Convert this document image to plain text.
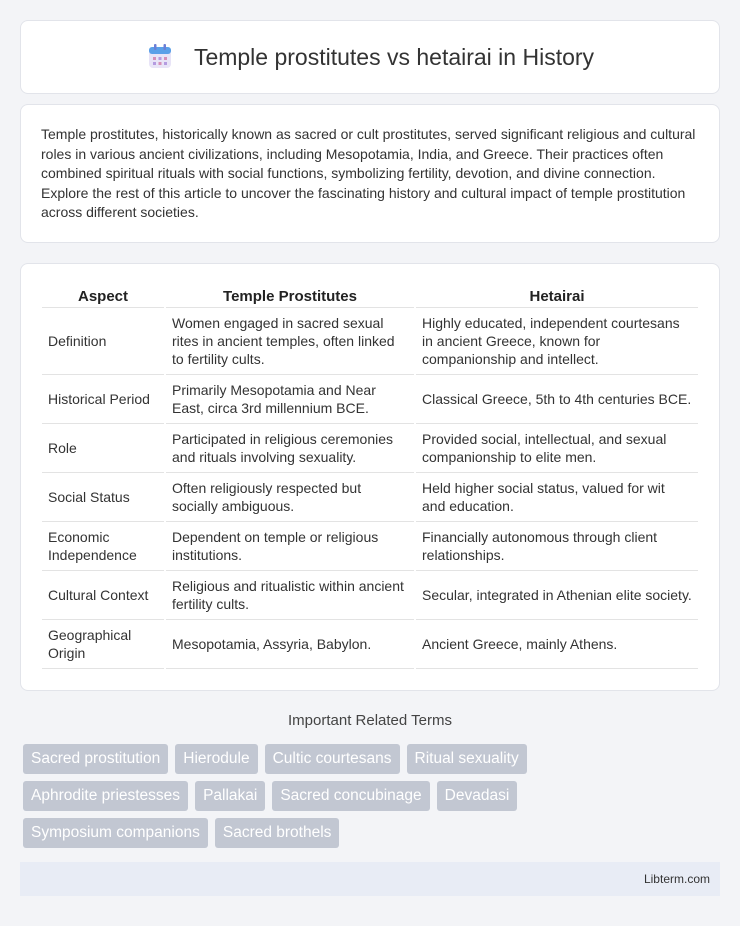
Temple prostitutes vs hetairai in History

Temple prostitutes, historically known as sacred or cult prostitutes, served significant religious and cultural roles in various ancient civilizations, including Mesopotamia, India, and Greece. Their practices often combined spiritual rituals with social functions, symbolizing fertility, devotion, and divine connection. Explore the rest of this article to uncover the fascinating history and cultural impact of temple prostitution across different societies.

Aspect	Temple Prostitutes	Hetairai
Definition	Women engaged in sacred sexual rites in ancient temples, often linked to fertility cults.	Highly educated, independent courtesans in ancient Greece, known for companionship and intellect.
Historical Period	Primarily Mesopotamia and Near East, circa 3rd millennium BCE.	Classical Greece, 5th to 4th centuries BCE.
Role	Participated in religious ceremonies and rituals involving sexuality.	Provided social, intellectual, and sexual companionship to elite men.
Social Status	Often religiously respected but socially ambiguous.	Held higher social status, valued for wit and education.
Economic Independence	Dependent on temple or religious institutions.	Financially autonomous through client relationships.
Cultural Context	Religious and ritualistic within ancient fertility cults.	Secular, integrated in Athenian elite society.
Geographical Origin	Mesopotamia, Assyria, Babylon.	Ancient Greece, mainly Athens.
Important Related Terms
Sacred prostitution	Hierodule	Cultic courtesans	Ritual sexuality
Aphrodite priestesses	Pallakai	Sacred concubinage	Devadasi
Symposium companions	Sacred brothels
Libterm.com
